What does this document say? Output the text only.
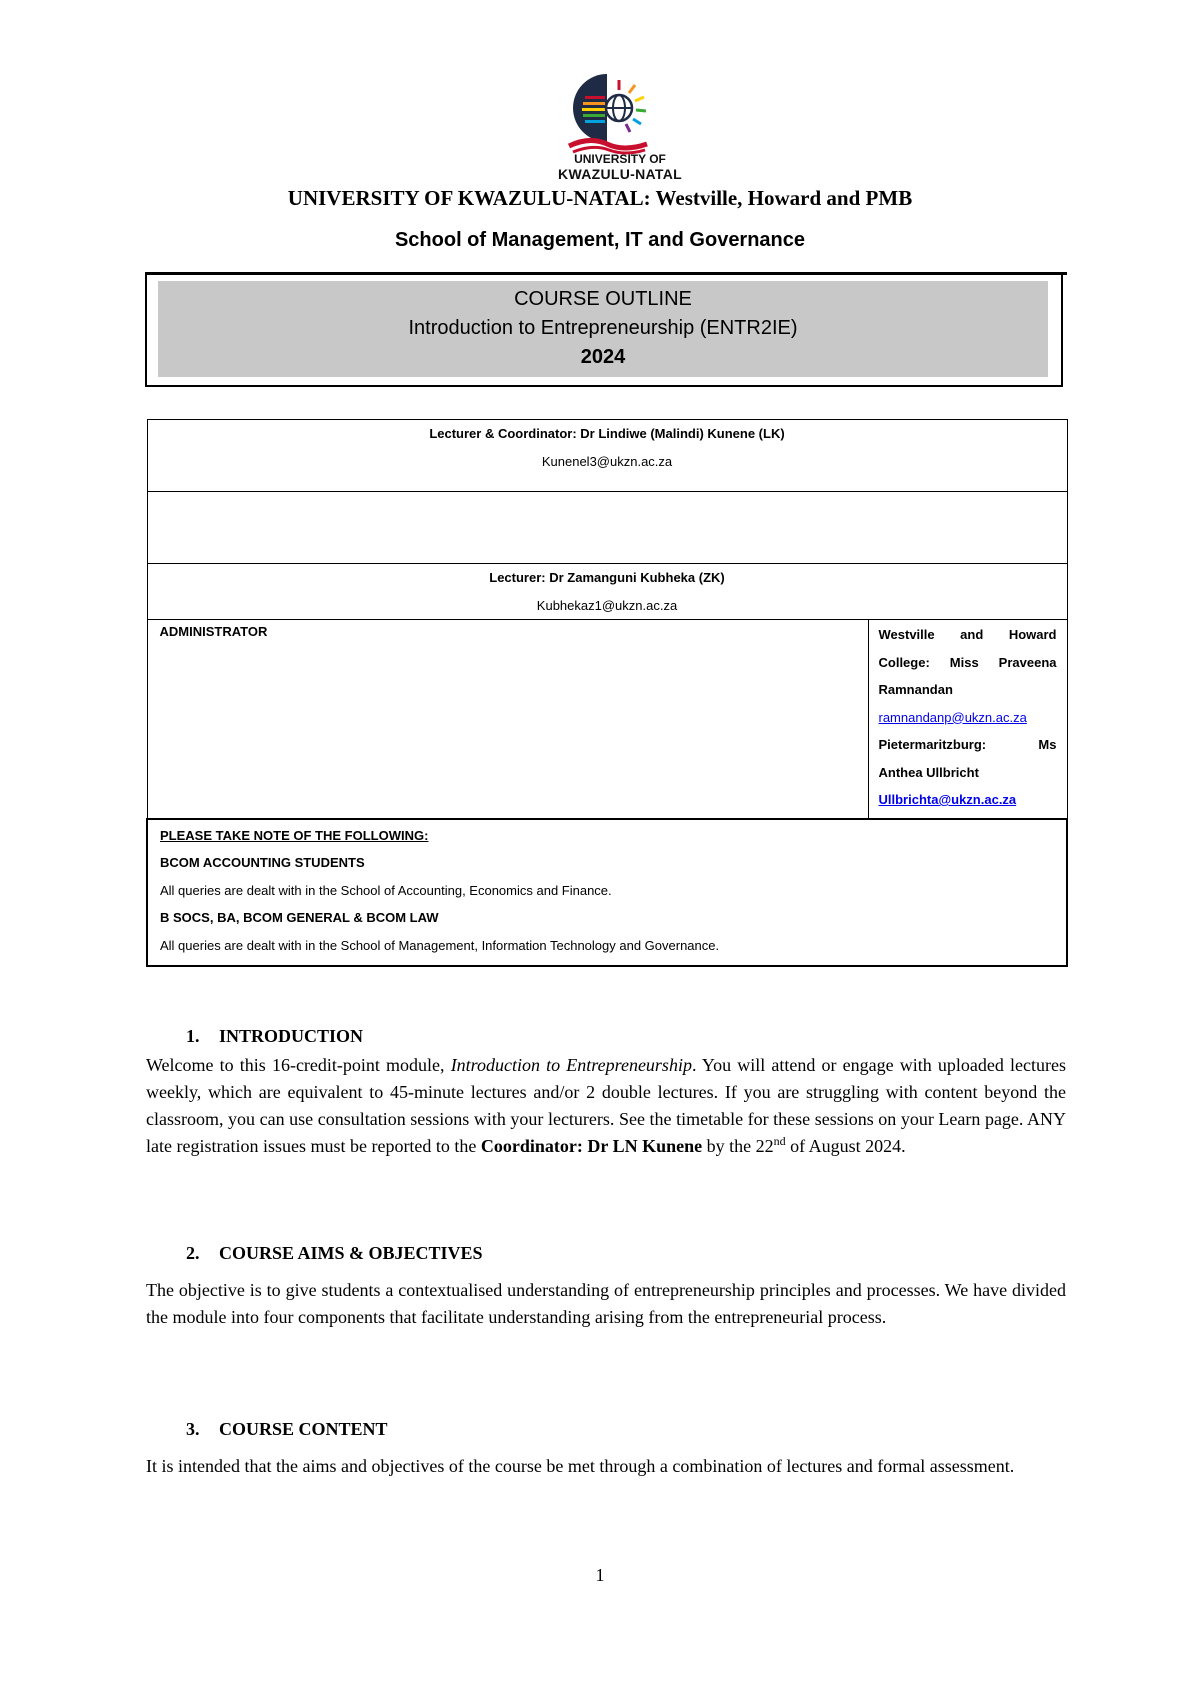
UNIVERSITY OF
KWAZULU-NATAL
UNIVERSITY OF KWAZULU-NATAL: Westville, Howard and PMB
School of Management, IT and Governance
COURSE OUTLINE
Introduction to Entrepreneurship (ENTR2IE)
2024
Lecturer & Coordinator: Dr Lindiwe (Malindi) Kunene (LK)
Kunenel3@ukzn.ac.za

Lecturer: Dr Zamanguni Kubheka (ZK)
Kubhekaz1@ukzn.ac.za

ADMINISTRATOR	Westville and Howard
College: Miss Praveena
Ramnandan
ramnandanp@ukzn.ac.za
Pietermaritzburg: Ms
Anthea Ullbricht
Ullbrichta@ukzn.ac.za

PLEASE TAKE NOTE OF THE FOLLOWING:
BCOM ACCOUNTING STUDENTS
All queries are dealt with in the School of Accounting, Economics and Finance.
B SOCS, BA, BCOM GENERAL & BCOM LAW
All queries are dealt with in the School of Management, Information Technology and Governance.
1. INTRODUCTION
Welcome to this 16-credit-point module, Introduction to Entrepreneurship. You will attend or engage with uploaded lectures weekly, which are equivalent to 45-minute lectures and/or 2 double lectures. If you are struggling with content beyond the classroom, you can use consultation sessions with your lecturers. See the timetable for these sessions on your Learn page. ANY late registration issues must be reported to the Coordinator: Dr LN Kunene by the 22nd of August 2024.
2. COURSE AIMS & OBJECTIVES
The objective is to give students a contextualised understanding of entrepreneurship principles and processes. We have divided the module into four components that facilitate understanding arising from the entrepreneurial process.
3. COURSE CONTENT
It is intended that the aims and objectives of the course be met through a combination of lectures and formal assessment.
1
